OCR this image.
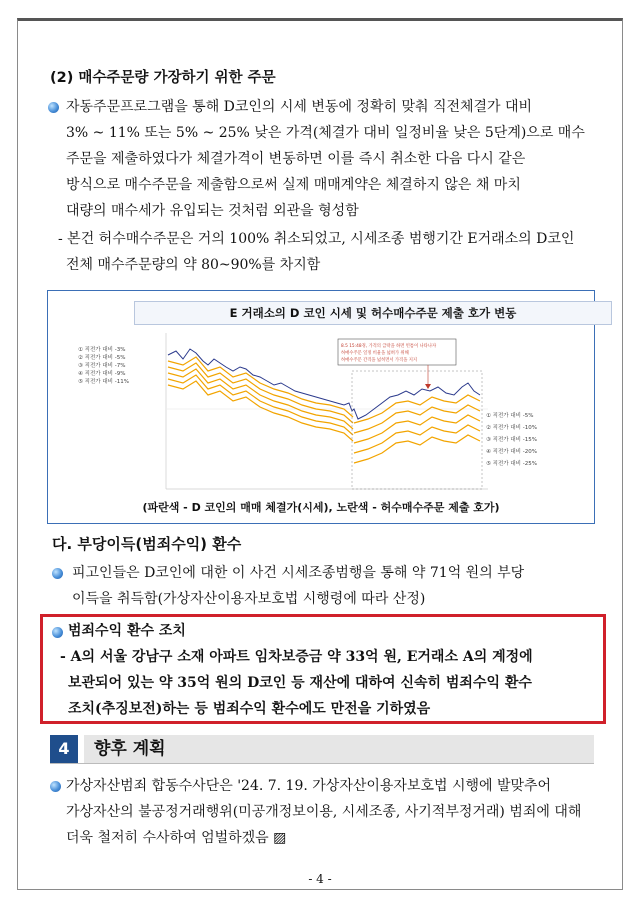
(2) 매수주문량 가장하기 위한 주문
자동주문프로그램을 통해 D코인의 시세 변동에 정확히 맞춰 직전체결가 대비
3% ~ 11% 또는 5% ~ 25% 낮은 가격(체결가 대비 일정비율 낮은 5단계)으로 매수
주문을 제출하였다가 체결가격이 변동하면 이를 즉시 취소한 다음 다시 같은
방식으로 매수주문을 제출함으로써 실제 매매계약은 체결하지 않은 채 마치
대량의 매수세가 유입되는 것처럼 외관을 형성함
- 본건 허수매수주문은 거의 100% 취소되었고, 시세조종 범행기간 E거래소의 D코인
전체 매수주문량의 약 80~90%를 차지함
E 거래소의 D 코인 시세 및 허수매수주문 제출 호가 변동
① 직전가 대비 -3%
② 직전가 대비 -5%
③ 직전가 대비 -7%
④ 직전가 대비 -9%
⑤ 직전가 대비 -11%
① 직전가 대비 -5%
② 직전가 대비 -10%
③ 직전가 대비 -15%
④ 직전가 대비 -20%
⑤ 직전가 대비 -25%
8.5 15:48경, 가격의 급락을 하면 빈틈이 나타나자
허매수주문 일정 비율을 넓혀가 위해
허매수주문 간격을 넓히면서 가격을 지지
(파란색 - D 코인의 매매 체결가(시세), 노란색 - 허수매수주문 제출 호가)
다. 부당이득(범죄수익) 환수
피고인들은 D코인에 대한 이 사건 시세조종범행을 통해 약 71억 원의 부당
이득을 취득함(가상자산이용자보호법 시행령에 따라 산정)
범죄수익 환수 조치
- A의 서울 강남구 소재 아파트 임차보증금 약 33억 원, E거래소 A의 계정에
보관되어 있는 약 35억 원의 D코인 등 재산에 대하여 신속히 범죄수익 환수
조치(추징보전)하는 등 범죄수익 환수에도 만전을 기하였음
4	향후 계획
가상자산범죄 합동수사단은 '24. 7. 19. 가상자산이용자보호법 시행에 발맞추어
가상자산의 불공정거래행위(미공개정보이용, 시세조종, 사기적부정거래) 범죄에 대해
더욱 철저히 수사하여 엄벌하겠음 ▨
- 4 -
